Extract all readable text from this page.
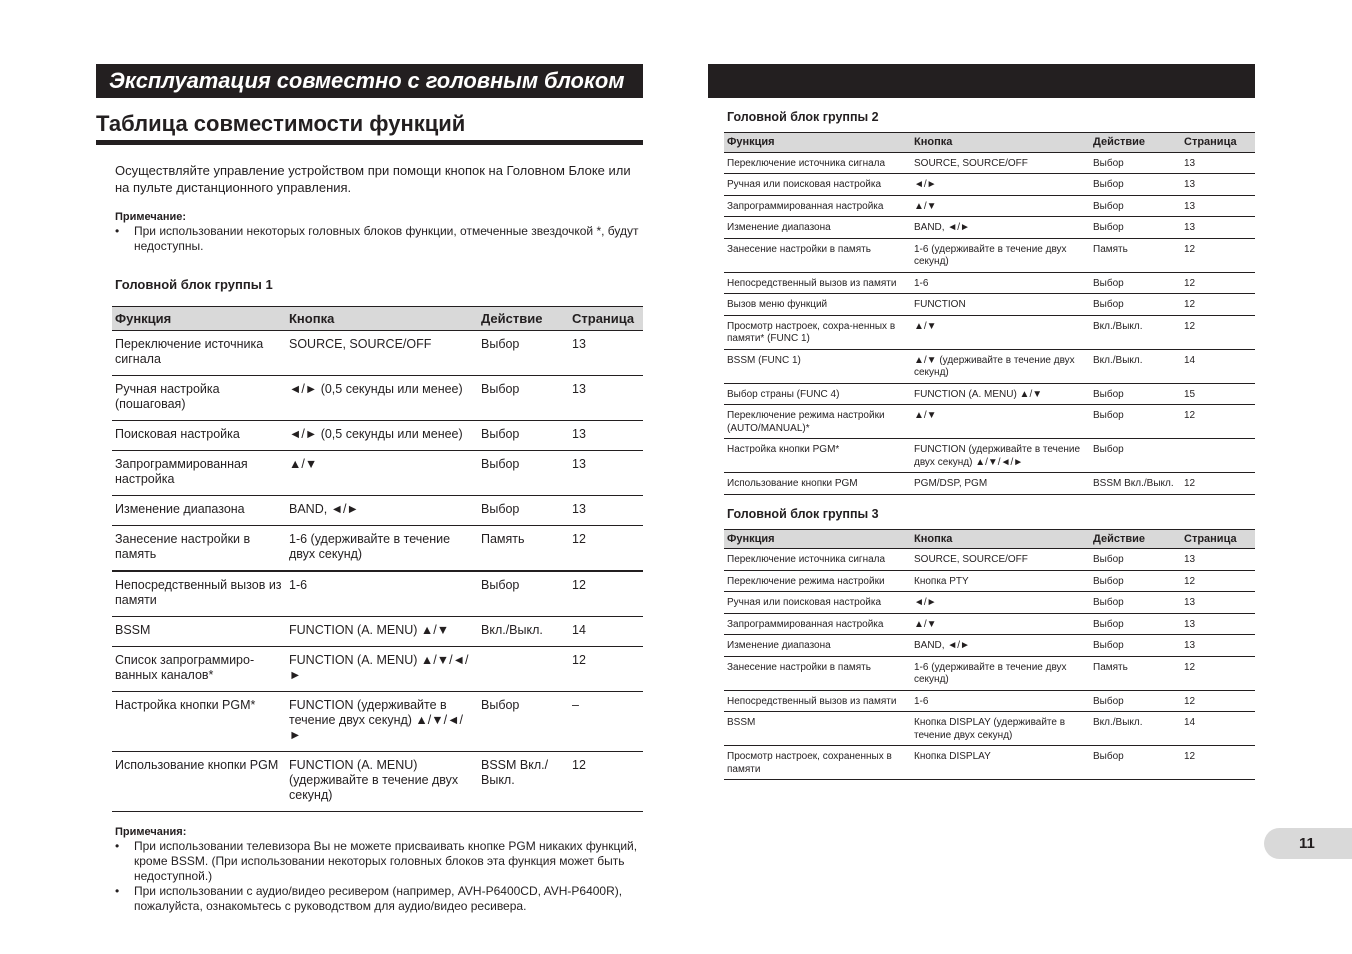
Эксплуатация совместно с головным блоком
Таблица совместимости функций

Осуществляйте управление устройством при помощи кнопок на Головном Блоке или на пульте дистанционного управления.

Примечание:
• При использовании некоторых головных блоков функции, отмеченные звездочкой *, будут недоступны.
Головной блок группы 1
Функция	Кнопка	Действие	Страница
Переключение источника сигнала	SOURCE, SOURCE/OFF	Выбор	13
Ручная настройка (пошаговая)	◄/► (0,5 секунды или менее)	Выбор	13
Поисковая настройка	◄/► (0,5 секунды или менее)	Выбор	13
Запрограммированная настройка	▲/▼	Выбор	13
Изменение диапазона	BAND, ◄/►	Выбор	13
Занесение настройки в память	1-6 (удерживайте в течение двух секунд)	Память	12
Непосредственный вызов из памяти	1-6	Выбор	12
BSSM	FUNCTION (A. MENU) ▲/▼	Вкл./Выкл.	14
Список запрограммиро-ванных каналов*	FUNCTION (A. MENU) ▲/▼/◄/►		12
Настройка кнопки PGM*	FUNCTION (удерживайте в течение двух секунд) ▲/▼/◄/►	Выбор	–
Использование кнопки PGM	FUNCTION (A. MENU) (удерживайте в течение двух секунд)	BSSM Вкл./Выкл.	12
Примечания:
• При использовании телевизора Вы не можете присваивать кнопке PGM никаких функций, кроме BSSM. (При использовании некоторых головных блоков эта функция может быть недоступной.)
• При использовании с аудио/видео ресивером (например, AVH-P6400CD, AVH-P6400R), пожалуйста, ознакомьтесь с руководством для аудио/видео ресивера.
Головной блок группы 2
Функция	Кнопка	Действие	Страница
Переключение источника сигнала	SOURCE, SOURCE/OFF	Выбор	13
Ручная или поисковая настройка	◄/►	Выбор	13
Запрограммированная настройка	▲/▼	Выбор	13
Изменение диапазона	BAND, ◄/►	Выбор	13
Занесение настройки в память	1-6 (удерживайте в течение двух секунд)	Память	12
Непосредственный вызов из памяти	1-6	Выбор	12
Вызов меню функций	FUNCTION	Выбор	12
Просмотр настроек, сохра-ненных в памяти* (FUNC 1)	▲/▼	Вкл./Выкл.	12
BSSM (FUNC 1)	▲/▼ (удерживайте в течение двух секунд)	Вкл./Выкл.	14
Выбор страны (FUNC 4)	FUNCTION (A. MENU) ▲/▼	Выбор	15
Переключение режима настройки (AUTO/MANUAL)*	▲/▼	Выбор	12
Настройка кнопки PGM*	FUNCTION (удерживайте в течение двух секунд) ▲/▼/◄/►	Выбор	
Использование кнопки PGM	PGM/DSP, PGM	BSSM Вкл./Выкл.	12
Головной блок группы 3
Функция	Кнопка	Действие	Страница
Переключение источника сигнала	SOURCE, SOURCE/OFF	Выбор	13
Переключение режима настройки	Кнопка PTY	Выбор	12
Ручная или поисковая настройка	◄/►	Выбор	13
Запрограммированная настройка	▲/▼	Выбор	13
Изменение диапазона	BAND, ◄/►	Выбор	13
Занесение настройки в память	1-6 (удерживайте в течение двух секунд)	Память	12
Непосредственный вызов из памяти	1-6	Выбор	12
BSSM	Кнопка DISPLAY (удерживайте в течение двух секунд)	Вкл./Выкл.	14
Просмотр настроек, сохраненных в памяти	Кнопка DISPLAY	Выбор	12
11
